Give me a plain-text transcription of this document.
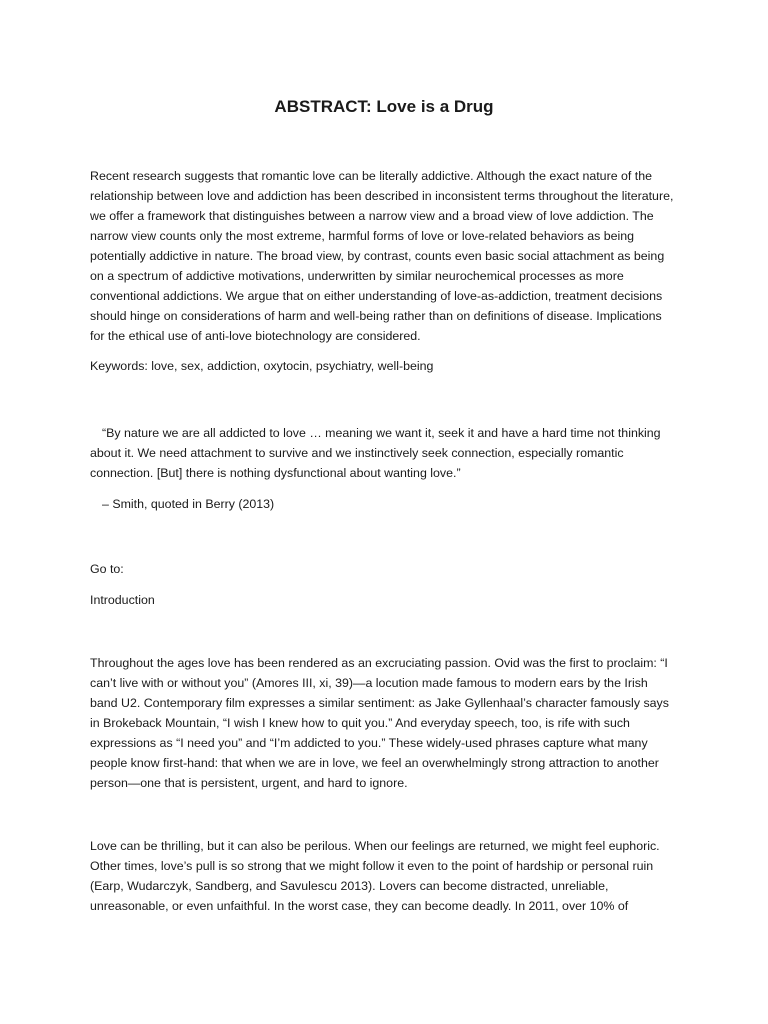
ABSTRACT: Love is a Drug

Recent research suggests that romantic love can be literally addictive. Although the exact nature of the relationship between love and addiction has been described in inconsistent terms throughout the literature, we offer a framework that distinguishes between a narrow view and a broad view of love addiction. The narrow view counts only the most extreme, harmful forms of love or love-related behaviors as being potentially addictive in nature. The broad view, by contrast, counts even basic social attachment as being on a spectrum of addictive motivations, underwritten by similar neurochemical processes as more conventional addictions. We argue that on either understanding of love-as-addiction, treatment decisions should hinge on considerations of harm and well-being rather than on definitions of disease. Implications for the ethical use of anti-love biotechnology are considered.

Keywords: love, sex, addiction, oxytocin, psychiatry, well-being

“By nature we are all addicted to love … meaning we want it, seek it and have a hard time not thinking about it. We need attachment to survive and we instinctively seek connection, especially romantic connection. [But] there is nothing dysfunctional about wanting love.”

– Smith, quoted in Berry (2013)

Go to:

Introduction

Throughout the ages love has been rendered as an excruciating passion. Ovid was the first to proclaim: “I can’t live with or without you” (Amores III, xi, 39)—a locution made famous to modern ears by the Irish band U2. Contemporary film expresses a similar sentiment: as Jake Gyllenhaal’s character famously says in Brokeback Mountain, “I wish I knew how to quit you.” And everyday speech, too, is rife with such expressions as “I need you” and “I’m addicted to you.” These widely-used phrases capture what many people know first-hand: that when we are in love, we feel an overwhelmingly strong attraction to another person—one that is persistent, urgent, and hard to ignore.

Love can be thrilling, but it can also be perilous. When our feelings are returned, we might feel euphoric. Other times, love’s pull is so strong that we might follow it even to the point of hardship or personal ruin (Earp, Wudarczyk, Sandberg, and Savulescu 2013). Lovers can become distracted, unreliable, unreasonable, or even unfaithful. In the worst case, they can become deadly. In 2011, over 10% of
